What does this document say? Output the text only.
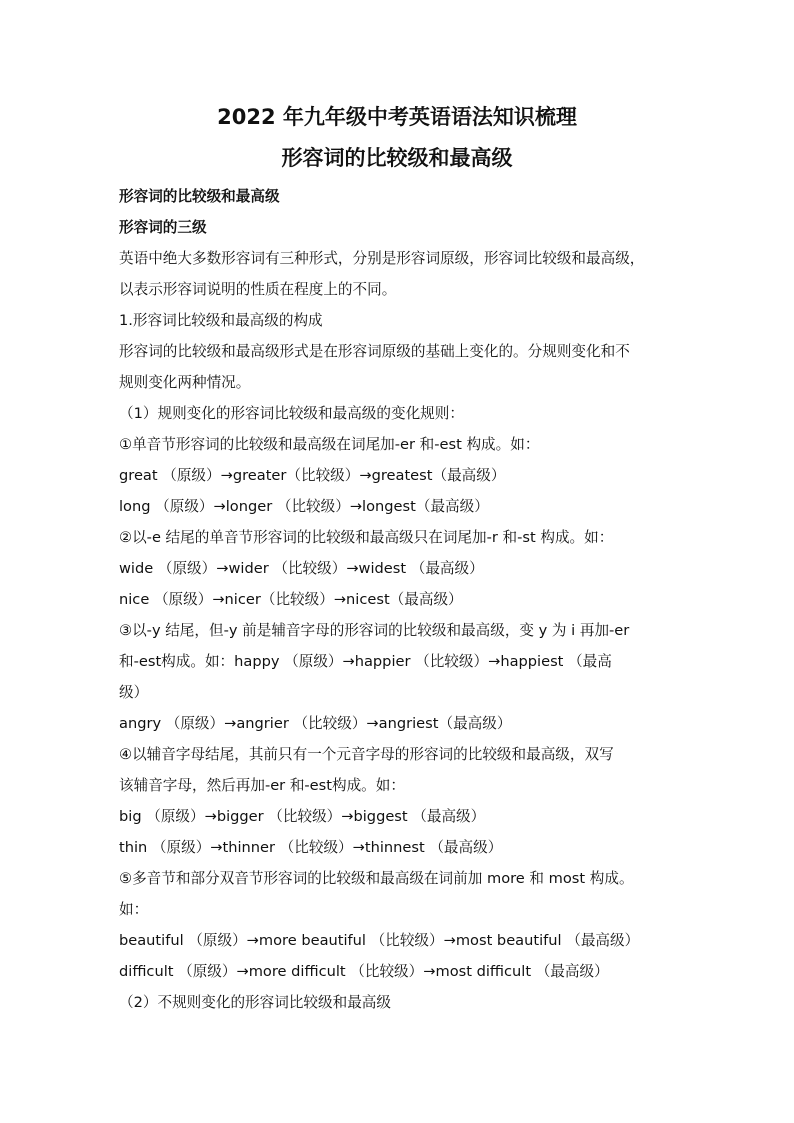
2022 年九年级中考英语语法知识梳理
形容词的比较级和最高级

形容词的比较级和最高级

形容词的三级

英语中绝大多数形容词有三种形式，分别是形容词原级，形容词比较级和最高级，

以表示形容词说明的性质在程度上的不同。

1.形容词比较级和最高级的构成

形容词的比较级和最高级形式是在形容词原级的基础上变化的。分规则变化和不

规则变化两种情况。

（1）规则变化的形容词比较级和最高级的变化规则：

①单音节形容词的比较级和最高级在词尾加-er 和-est 构成。如：

great （原级）→greater（比较级）→greatest（最高级）

long （原级）→longer （比较级）→longest（最高级）

②以-e 结尾的单音节形容词的比较级和最高级只在词尾加-r 和-st 构成。如：

wide （原级）→wider （比较级）→widest （最高级）

nice （原级）→nicer（比较级）→nicest（最高级）

③以-y 结尾，但-y 前是辅音字母的形容词的比较级和最高级，变 y 为 i 再加-er

和-est构成。如：happy （原级）→happier （比较级）→happiest （最高

级）

angry （原级）→angrier （比较级）→angriest（最高级）

④以辅音字母结尾，其前只有一个元音字母的形容词的比较级和最高级，双写

该辅音字母，然后再加-er 和-est构成。如：

big （原级）→bigger （比较级）→biggest （最高级）

thin （原级）→thinner （比较级）→thinnest （最高级）

⑤多音节和部分双音节形容词的比较级和最高级在词前加 more 和 most 构成。

如：

beautiful （原级）→more beautiful （比较级）→most beautiful （最高级）

difficult （原级）→more difficult （比较级）→most difficult （最高级）

（2）不规则变化的形容词比较级和最高级
